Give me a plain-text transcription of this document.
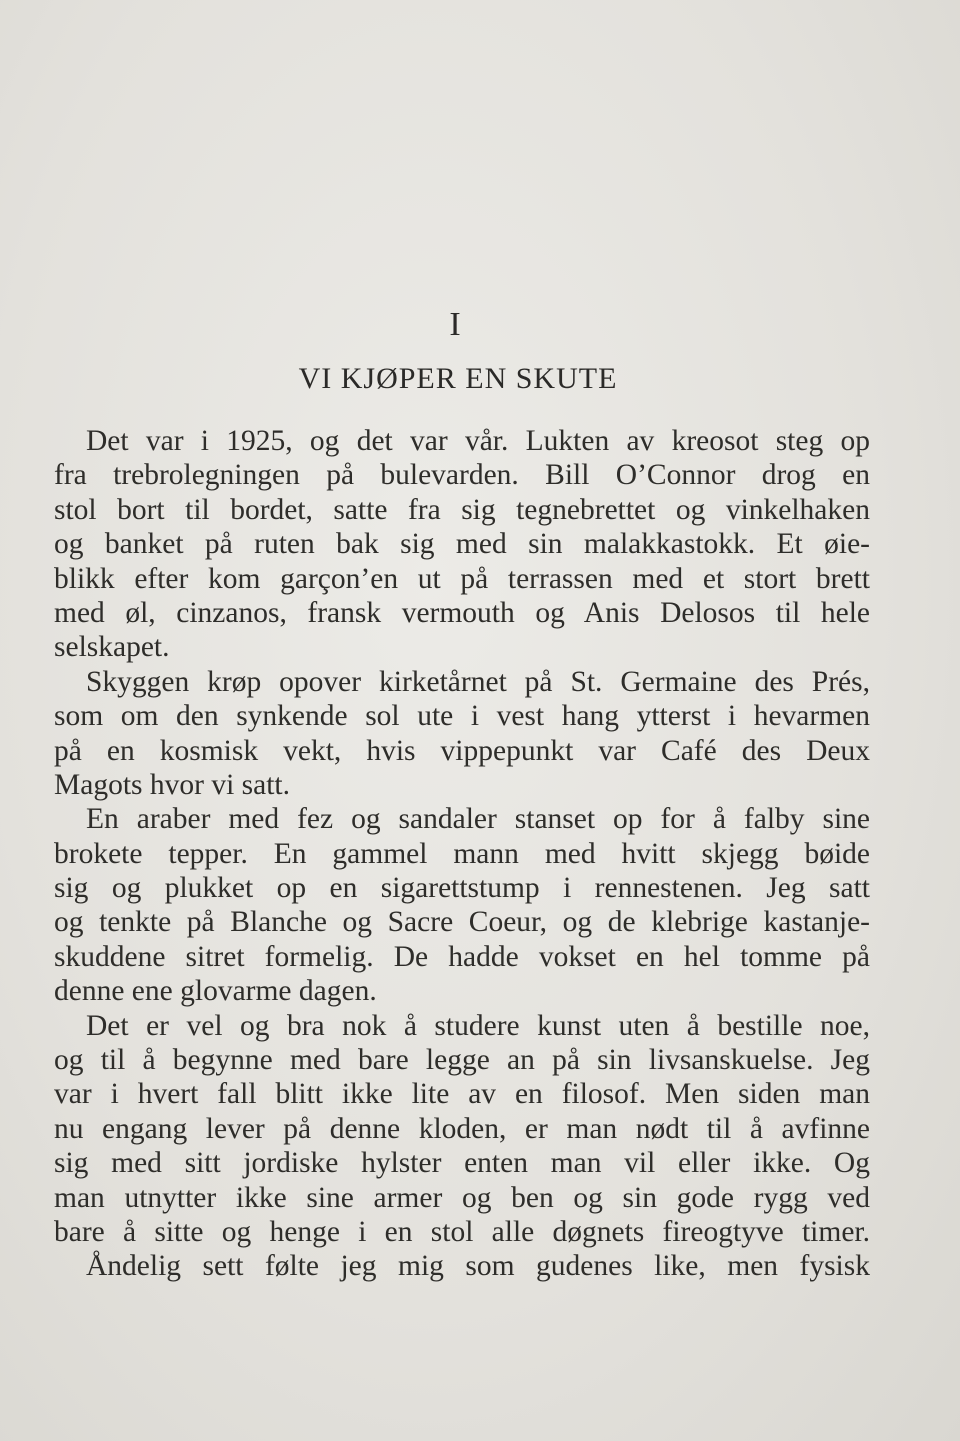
I
VI KJØPER EN SKUTE
Det var i 1925, og det var vår. Lukten av kreosot steg op
fra trebrolegningen på bulevarden. Bill O’Connor drog en
stol bort til bordet, satte fra sig tegnebrettet og vinkelhaken
og banket på ruten bak sig med sin malakkastokk. Et øie-
blikk efter kom garçon’en ut på terrassen med et stort brett
med øl, cinzanos, fransk vermouth og Anis Delosos til hele
selskapet.
Skyggen krøp opover kirketårnet på St. Germaine des Prés,
som om den synkende sol ute i vest hang ytterst i hevarmen
på en kosmisk vekt, hvis vippepunkt var Café des Deux
Magots hvor vi satt.
En araber med fez og sandaler stanset op for å falby sine
brokete tepper. En gammel mann med hvitt skjegg bøide
sig og plukket op en sigarettstump i rennestenen. Jeg satt
og tenkte på Blanche og Sacre Coeur, og de klebrige kastanje-
skuddene sitret formelig. De hadde vokset en hel tomme på
denne ene glovarme dagen.
Det er vel og bra nok å studere kunst uten å bestille noe,
og til å begynne med bare legge an på sin livsanskuelse. Jeg
var i hvert fall blitt ikke lite av en filosof. Men siden man
nu engang lever på denne kloden, er man nødt til å avfinne
sig med sitt jordiske hylster enten man vil eller ikke. Og
man utnytter ikke sine armer og ben og sin gode rygg ved
bare å sitte og henge i en stol alle døgnets fireogtyve timer.
Åndelig sett følte jeg mig som gudenes like, men fysisk
